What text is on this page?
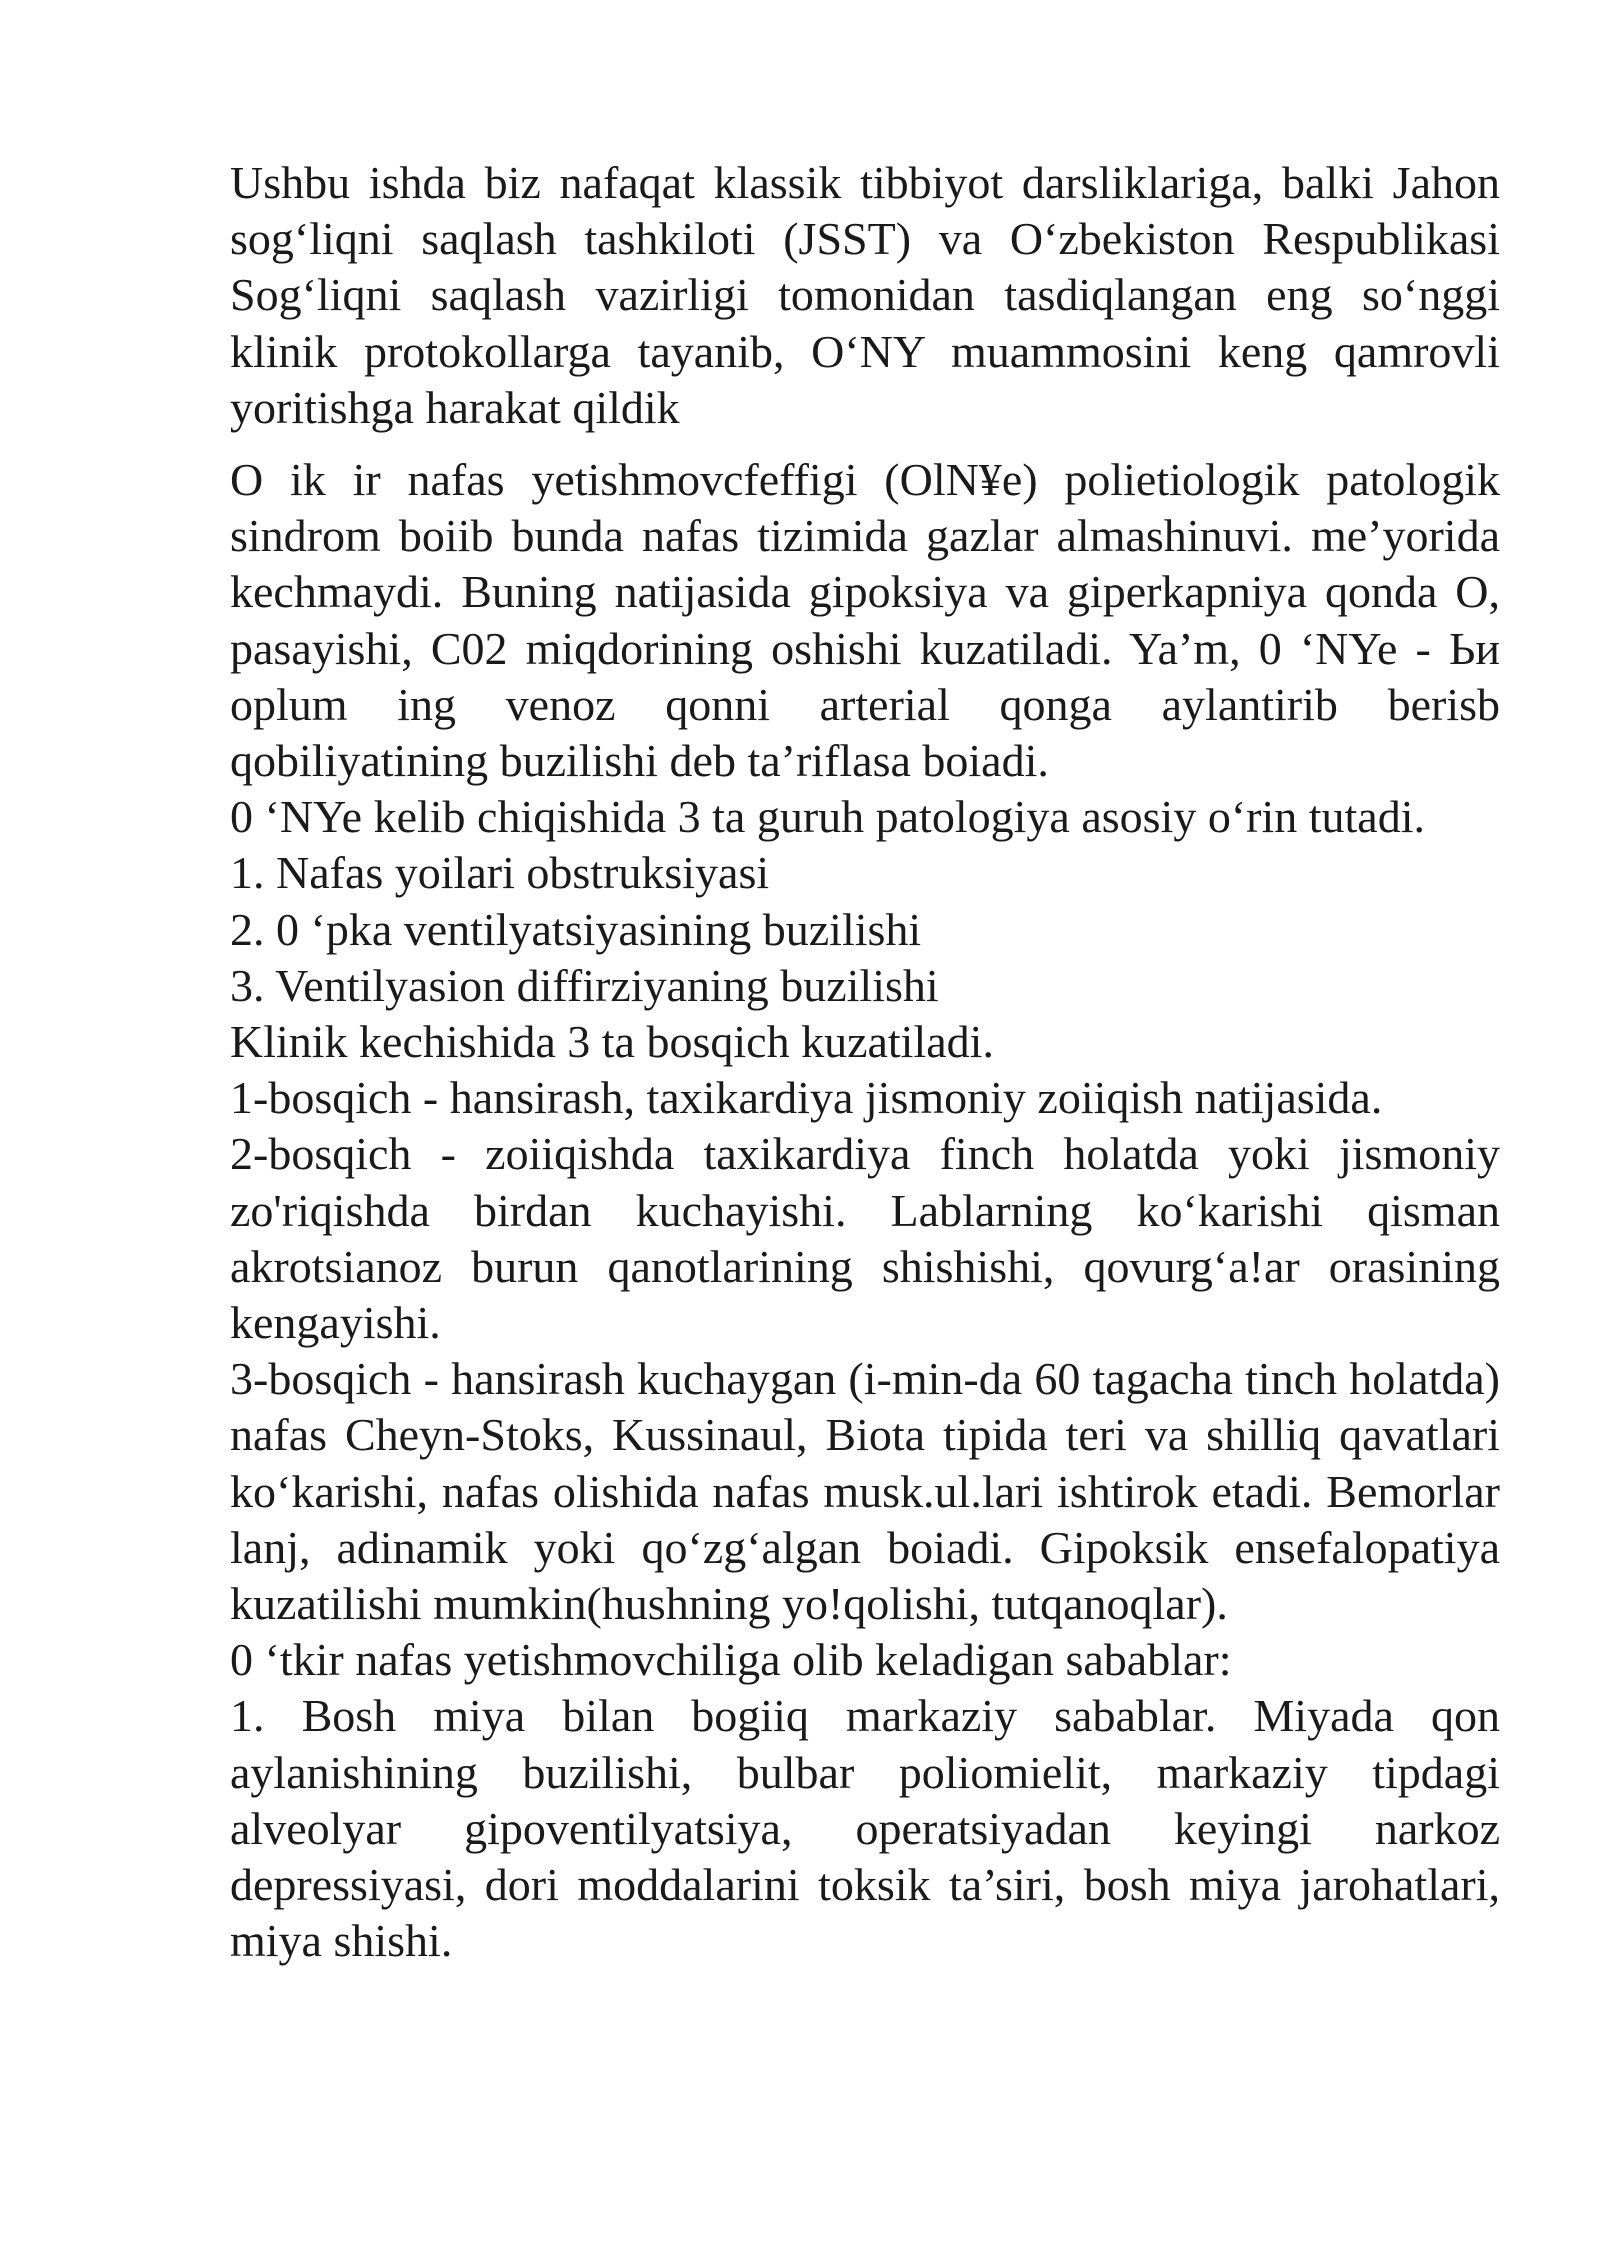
Ushbu ishda biz nafaqat klassik tibbiyot darsliklariga, balki Jahon sog‘liqni saqlash tashkiloti (JSST) va O‘zbekiston Respublikasi Sog‘liqni saqlash vazirligi tomonidan tasdiqlangan eng so‘nggi klinik protokollarga tayanib, O‘NY muammosini keng qamrovli yoritishga harakat qildik

O ik ir nafas yetishmovcfeffigi (OlN¥e) polietiologik patologik sindrom boiib bunda nafas tizimida gazlar almashinuvi. me’yorida kechmaydi. Buning natijasida gipoksiya va giperkapniya qonda O, pasayishi, C02 miqdorining oshishi kuzatiladi. Ya’m, 0 ‘NYe - Ьи oplum ing venoz qonni arterial qonga aylantirib berisb qobiliyatining buzilishi deb ta’riflasa boiadi.

0 ‘NYe kelib chiqishida 3 ta guruh patologiya asosiy o‘rin tutadi.

1. Nafas yoilari obstruksiyasi

2. 0 ‘pka ventilyatsiyasining buzilishi

3. Ventilyasion diffirziyaning buzilishi

Klinik kechishida 3 ta bosqich kuzatiladi.

1-bosqich - hansirash, taxikardiya jismoniy zoiiqish natijasida.

2-bosqich - zoiiqishda taxikardiya finch holatda yoki jismoniy zo'riqishda birdan kuchayishi. Lablarning ko‘karishi qisman akrotsianoz burun qanotlarining shishishi, qovurg‘a!ar orasining kengayishi.

3-bosqich - hansirash kuchaygan (i-min-da 60 tagacha tinch holatda) nafas Cheyn-Stoks, Kussinaul, Biota tipida teri va shilliq qavatlari ko‘karishi, nafas olishida nafas musk.ul.lari ishtirok etadi. Bemorlar lanj, adinamik yoki qo‘zg‘algan boiadi. Gipoksik ensefalopatiya kuzatilishi mumkin(hushning yo!qolishi, tutqanoqlar).

0 ‘tkir nafas yetishmovchiliga olib keladigan sabablar:

1. Bosh miya bilan bogiiq markaziy sabablar. Miyada qon aylanishining buzilishi, bulbar poliomielit, markaziy tipdagi alveolyar gipoventilyatsiya, operatsiyadan keyingi narkoz depressiyasi, dori moddalarini toksik ta’siri, bosh miya jarohatlari, miya shishi.
